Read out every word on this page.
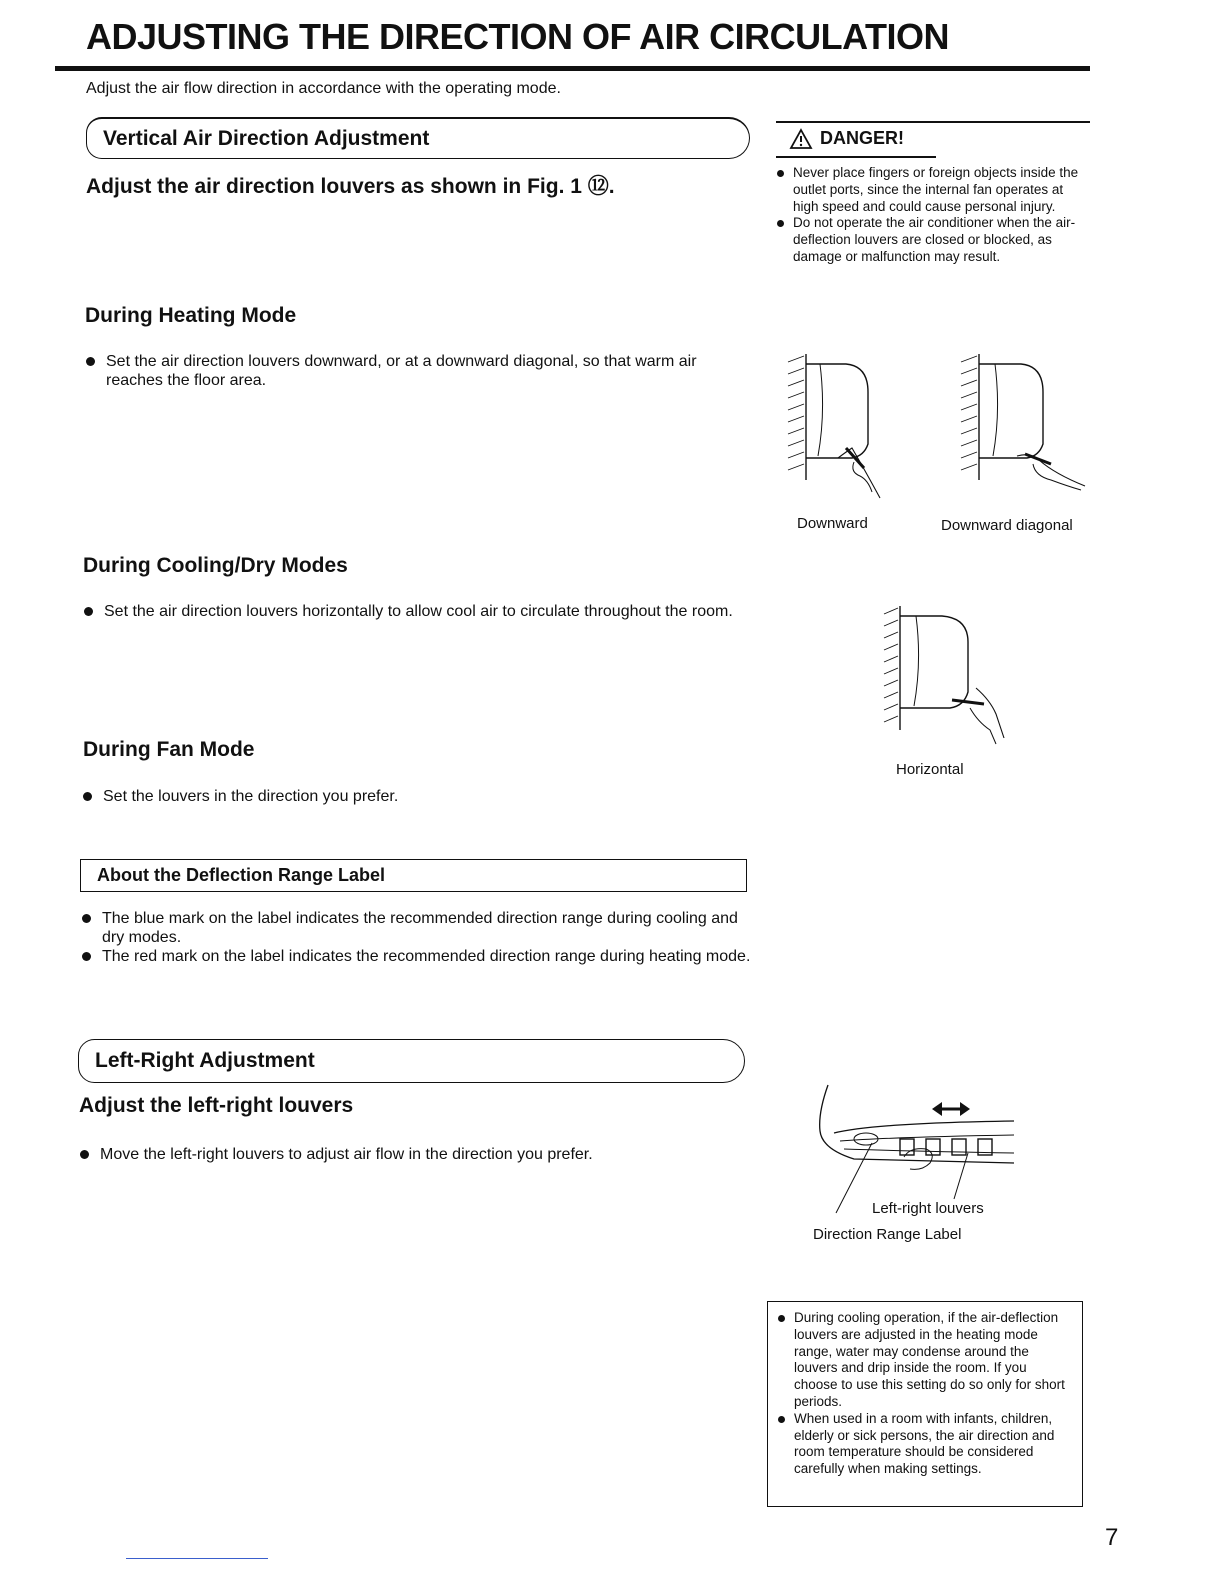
ADJUSTING THE DIRECTION OF AIR CIRCULATION
Adjust the air flow direction in accordance with the operating mode.
Vertical Air Direction Adjustment
Adjust the air direction louvers as shown in Fig. 1 ⑫.
During Heating Mode
Set the air direction louvers downward, or at a downward diagonal, so that warm air reaches the floor area.
During Cooling/Dry Modes
Set the air direction louvers horizontally to allow cool air to circulate throughout the room.
During Fan Mode
Set the louvers in the direction you prefer.
About the Deflection Range Label
The blue mark on the label indicates the recommended direction range during cooling and dry modes.
The red mark on the label indicates the recommended direction range during heating mode.
Left-Right Adjustment
Adjust the left-right louvers
Move the left-right louvers to adjust air flow in the direction you prefer.
DANGER!
Never place fingers or foreign objects inside the outlet ports, since the internal fan operates at high speed and could cause personal injury.
Do not operate the air conditioner when the air-deflection louvers are closed or blocked, as damage or malfunction may result.
Downward	Downward diagonal
Horizontal
Left-right louvers
Direction Range Label
During cooling operation, if the air-deflection louvers are adjusted in the heating mode range, water may condense around the louvers and drip inside the room. If you choose to use this setting do so only for short periods.
When used in a room with infants, children, elderly or sick persons, the air direction and room temperature should be considered carefully when making settings.
7
